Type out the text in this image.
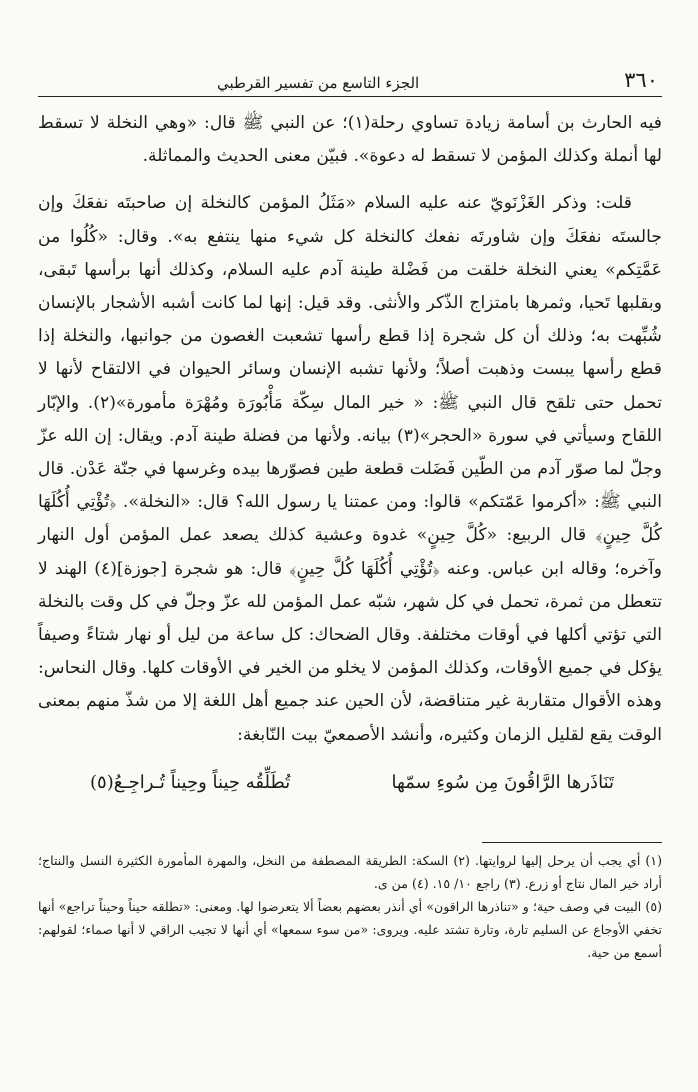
٣٦٠
الجزء التاسع من تفسير القرطبي

فيه الحارث بن أسامة زيادة تساوي رحلة(١)؛ عن النبي ﷺ قال: «وهي النخلة لا تسقط لها أنملة وكذلك المؤمن لا تسقط له دعوة». فبيّن معنى الحديث والمماثلة.

قلت: وذكر الغَزْنَويّ عنه عليه السلام «مَثَلُ المؤمن كالنخلة إن صاحبتَه نفعَكَ وإن جالستَه نفعَكَ وإن شاورتَه نفعك كالنخلة كل شيء منها ينتفع به». وقال: «كُلُوا من عَمَّتِكم» يعني النخلة خلقت من فَضْلة طينة آدم عليه السلام، وكذلك أنها برأسها تَبقى، وبقلبها تَحيا، وثمرها بامتزاج الذّكر والأنثى. وقد قيل: إنها لما كانت أشبه الأشجار بالإنسان شُبِّهت به؛ وذلك أن كل شجرة إذا قطع رأسها تشعبت الغصون من جوانبها، والنخلة إذا قطع رأسها يبست وذهبت أصلاً؛ ولأنها تشبه الإنسان وسائر الحيوان في الالتقاح لأنها لا تحمل حتى تلقح قال النبي ﷺ: « خير المال سِكّة مَأْبُورَة ومُهْرَة مأمورة»(٢). والإبّار اللقاح وسيأتي في سورة «الحجر»(٣) بيانه. ولأنها من فضلة طينة آدم. ويقال: إن الله عزّ وجلّ لما صوّر آدم من الطّين فَضَلت قطعة طين فصوّرها بيده وغرسها في جنّة عَدْن. قال النبي ﷺ: «أكرموا عَمّتكم» قالوا: ومن عمتنا يا رسول الله؟ قال: «النخلة». ﴿تُؤْتِي أُكُلَهَا كُلَّ حِينٍ﴾ قال الربيع: «كُلَّ حِينٍ» غدوة وعشية كذلك يصعد عمل المؤمن أول النهار وآخره؛ وقاله ابن عباس. وعنه ﴿تُؤْتِي أُكُلَهَا كُلَّ حِينٍ﴾ قال: هو شجرة [جوزة](٤) الهند لا تتعطل من ثمرة، تحمل في كل شهر، شبّه عمل المؤمن لله عزّ وجلّ في كل وقت بالنخلة التي تؤتي أكلها في أوقات مختلفة. وقال الضحاك: كل ساعة من ليل أو نهار شتاءً وصيفاً يؤكل في جميع الأوقات، وكذلك المؤمن لا يخلو من الخير في الأوقات كلها. وقال النحاس: وهذه الأقوال متقاربة غير متناقضة، لأن الحين عند جميع أهل اللغة إلا من شذّ منهم بمعنى الوقت يقع لقليل الزمان وكثيره، وأنشد الأصمعيّ بيت النّابغة:

تَنَاذَرها الرَّاقُونَ مِن سُوءِ سمّها
تُطَلِّقُه حِيناً وحِيناً تُـراجِـعُ(٥)

(١) أي يجب أن يرحل إليها لروايتها. (٢) السكة: الطريقة المصطفة من النخل، والمهرة المأمورة الكثيرة النسل والنتاج؛ أراد خير المال نتاج أو زرع. (٣) راجع ١٠/ ١٥. (٤) من ى.

(٥) البيت في وصف حية؛ و «تناذرها الراقون» أي أنذر بعضهم بعضاً ألا يتعرضوا لها. ومعنى: «تطلقه حيناً وحيناً تراجع» أنها تخفي الأوجاع عن السليم تارة، وتارة تشتد عليه. ويروى: «من سوء سمعها» أي أنها لا تجيب الراقي لا أنها صماء؛ لقولهم: أسمع من حية.
